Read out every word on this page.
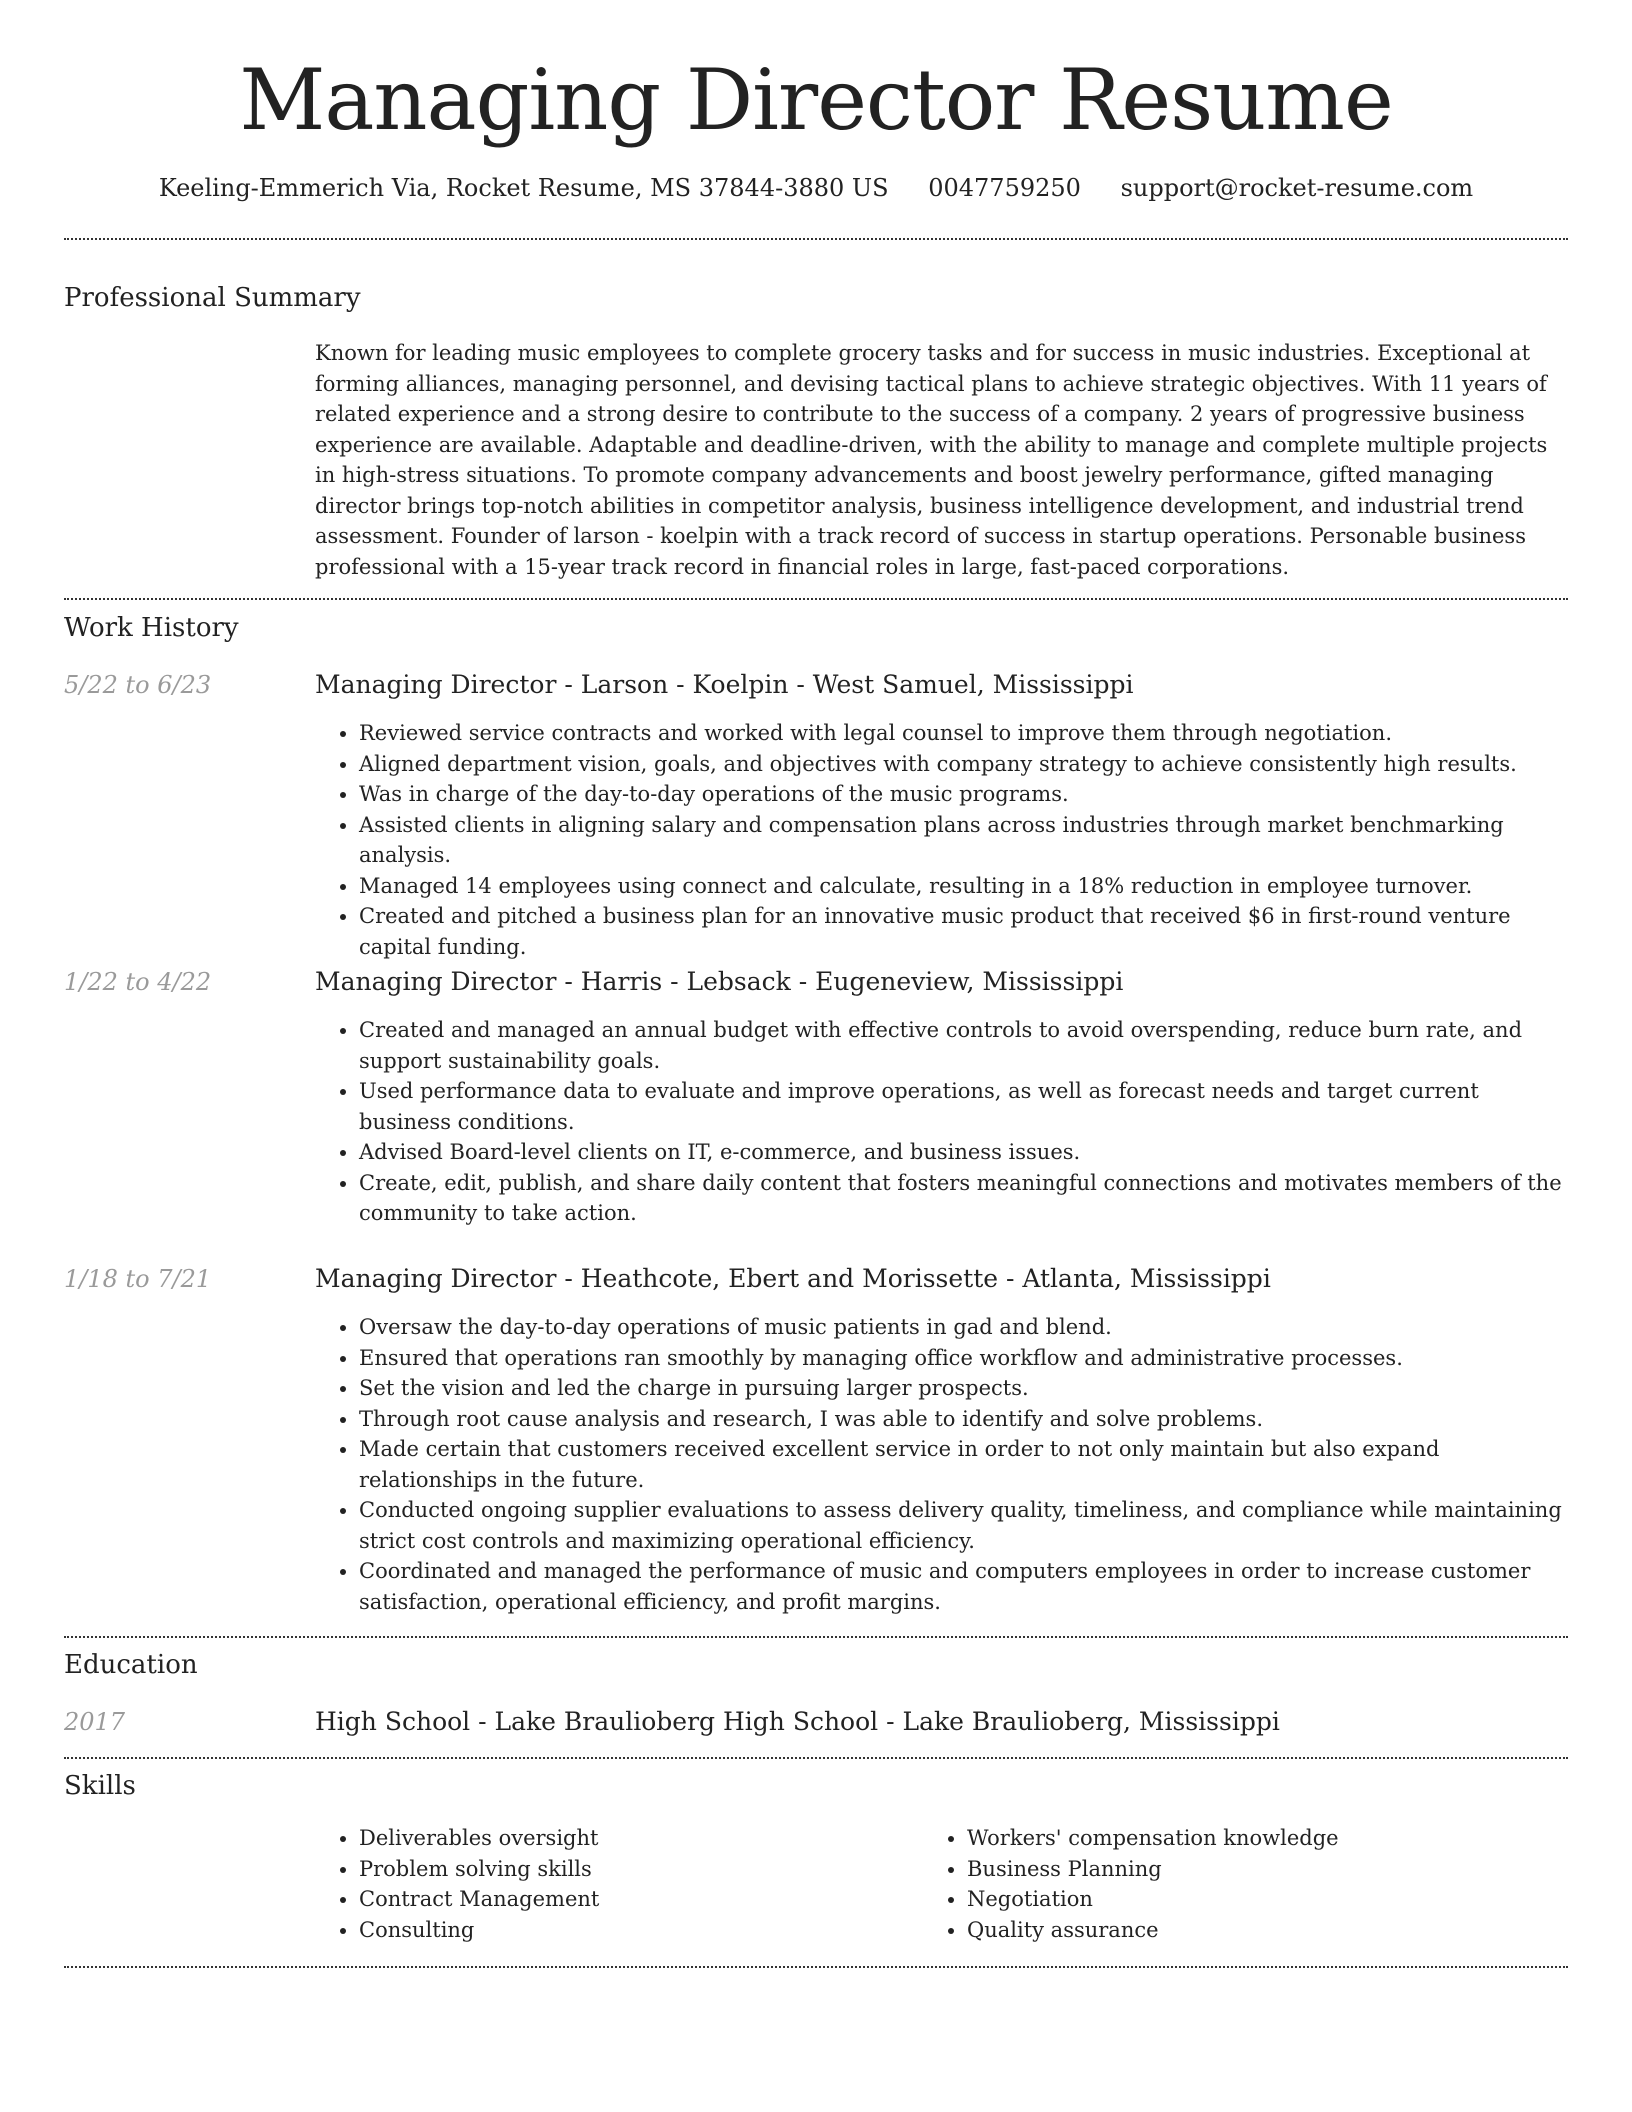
Managing Director Resume
Keeling-Emmerich Via, Rocket Resume, MS 37844-3880 US 0047759250 support@rocket-resume.com
Professional Summary
Known for leading music employees to complete grocery tasks and for success in music industries. Exceptional at forming alliances, managing personnel, and devising tactical plans to achieve strategic objectives. With 11 years of related experience and a strong desire to contribute to the success of a company. 2 years of progressive business experience are available. Adaptable and deadline-driven, with the ability to manage and complete multiple projects in high-stress situations. To promote company advancements and boost jewelry performance, gifted managing director brings top-notch abilities in competitor analysis, business intelligence development, and industrial trend assessment. Founder of larson - koelpin with a track record of success in startup operations. Personable business professional with a 15-year track record in financial roles in large, fast-paced corporations.
Work History
5/22 to 6/23	Managing Director - Larson - Koelpin - West Samuel, Mississippi
• Reviewed service contracts and worked with legal counsel to improve them through negotiation.
• Aligned department vision, goals, and objectives with company strategy to achieve consistently high results.
• Was in charge of the day-to-day operations of the music programs.
• Assisted clients in aligning salary and compensation plans across industries through market benchmarking analysis.
• Managed 14 employees using connect and calculate, resulting in a 18% reduction in employee turnover.
• Created and pitched a business plan for an innovative music product that received $6 in first-round venture capital funding.
1/22 to 4/22	Managing Director - Harris - Lebsack - Eugeneview, Mississippi
• Created and managed an annual budget with effective controls to avoid overspending, reduce burn rate, and support sustainability goals.
• Used performance data to evaluate and improve operations, as well as forecast needs and target current business conditions.
• Advised Board-level clients on IT, e-commerce, and business issues.
• Create, edit, publish, and share daily content that fosters meaningful connections and motivates members of the community to take action.
1/18 to 7/21	Managing Director - Heathcote, Ebert and Morissette - Atlanta, Mississippi
• Oversaw the day-to-day operations of music patients in gad and blend.
• Ensured that operations ran smoothly by managing office workflow and administrative processes.
• Set the vision and led the charge in pursuing larger prospects.
• Through root cause analysis and research, I was able to identify and solve problems.
• Made certain that customers received excellent service in order to not only maintain but also expand relationships in the future.
• Conducted ongoing supplier evaluations to assess delivery quality, timeliness, and compliance while maintaining strict cost controls and maximizing operational efficiency.
• Coordinated and managed the performance of music and computers employees in order to increase customer satisfaction, operational efficiency, and profit margins.
Education
2017	High School - Lake Braulioberg High School - Lake Braulioberg, Mississippi
Skills
• Deliverables oversight
• Problem solving skills
• Contract Management
• Consulting
• Workers' compensation knowledge
• Business Planning
• Negotiation
• Quality assurance
